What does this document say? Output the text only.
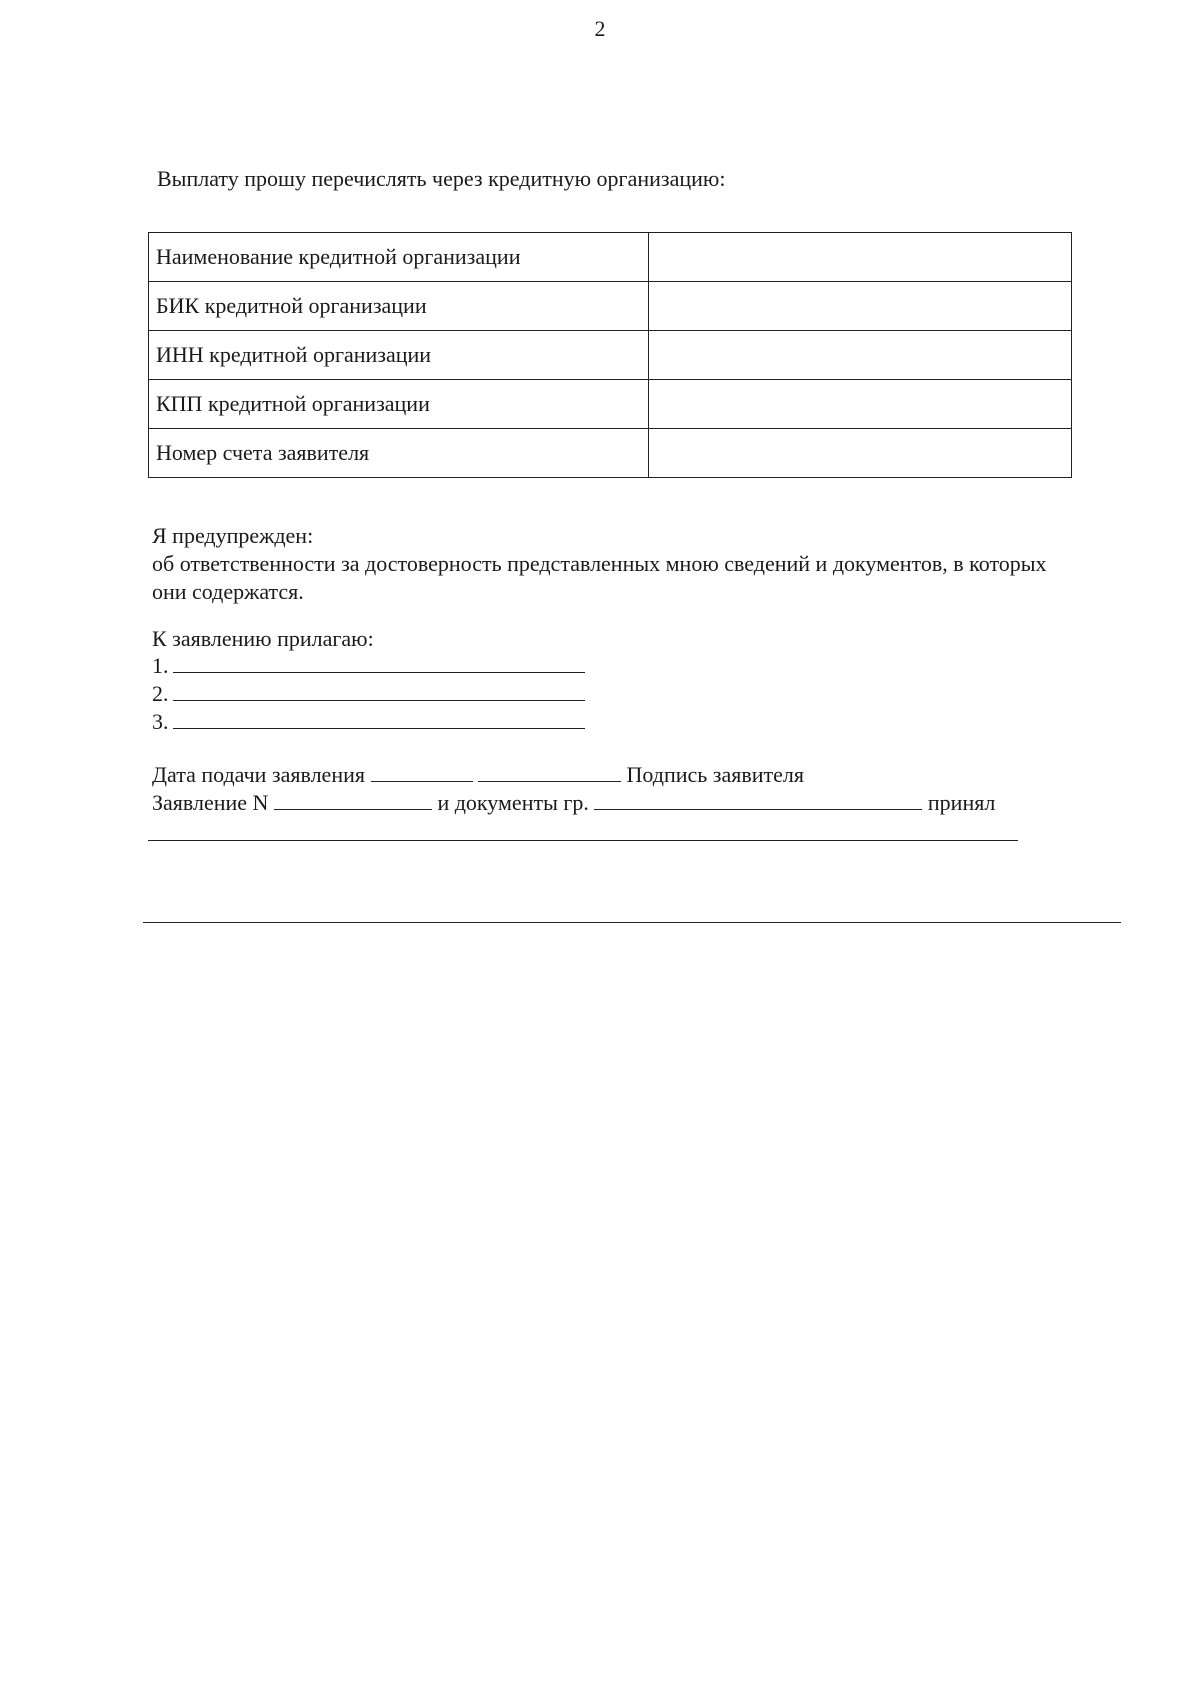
2
Выплату прошу перечислять через кредитную организацию:
Наименование кредитной организации	
БИК кредитной организации	
ИНН кредитной организации	
КПП кредитной организации	
Номер счета заявителя	
Я предупрежден:
об ответственности за достоверность представленных мною сведений и документов, в которых они содержатся.
К заявлению прилагаю:
1.
2.
3.
Дата подачи заявления	Подпись заявителя
Заявление N	и документы гр.	принял
